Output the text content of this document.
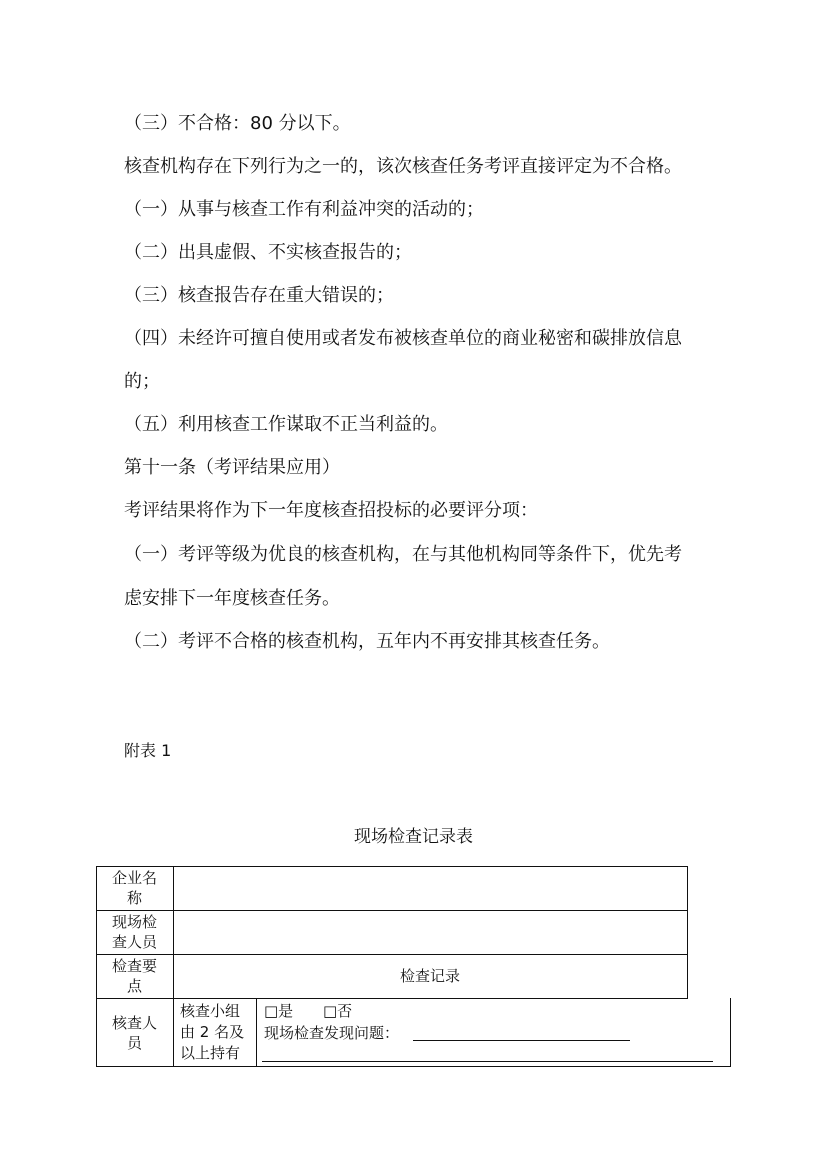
（三）不合格：80 分以下。
核查机构存在下列行为之一的，该次核查任务考评直接评定为不合格。
（一）从事与核查工作有利益冲突的活动的；
（二）出具虚假、不实核查报告的；
（三）核查报告存在重大错误的；
（四）未经许可擅自使用或者发布被核查单位的商业秘密和碳排放信息
的；
（五）利用核查工作谋取不正当利益的。
第十一条（考评结果应用）
考评结果将作为下一年度核查招投标的必要评分项：
（一）考评等级为优良的核查机构，在与其他机构同等条件下，优先考
虑安排下一年度核查任务。
（二）考评不合格的核查机构，五年内不再安排其核查任务。
附表 1
现场检查记录表
企业名
称
现场检
查人员
检查要
点
检查记录
核查人
员
核查小组
由 2 名及
以上持有
□是 □否
现场检查发现问题：
